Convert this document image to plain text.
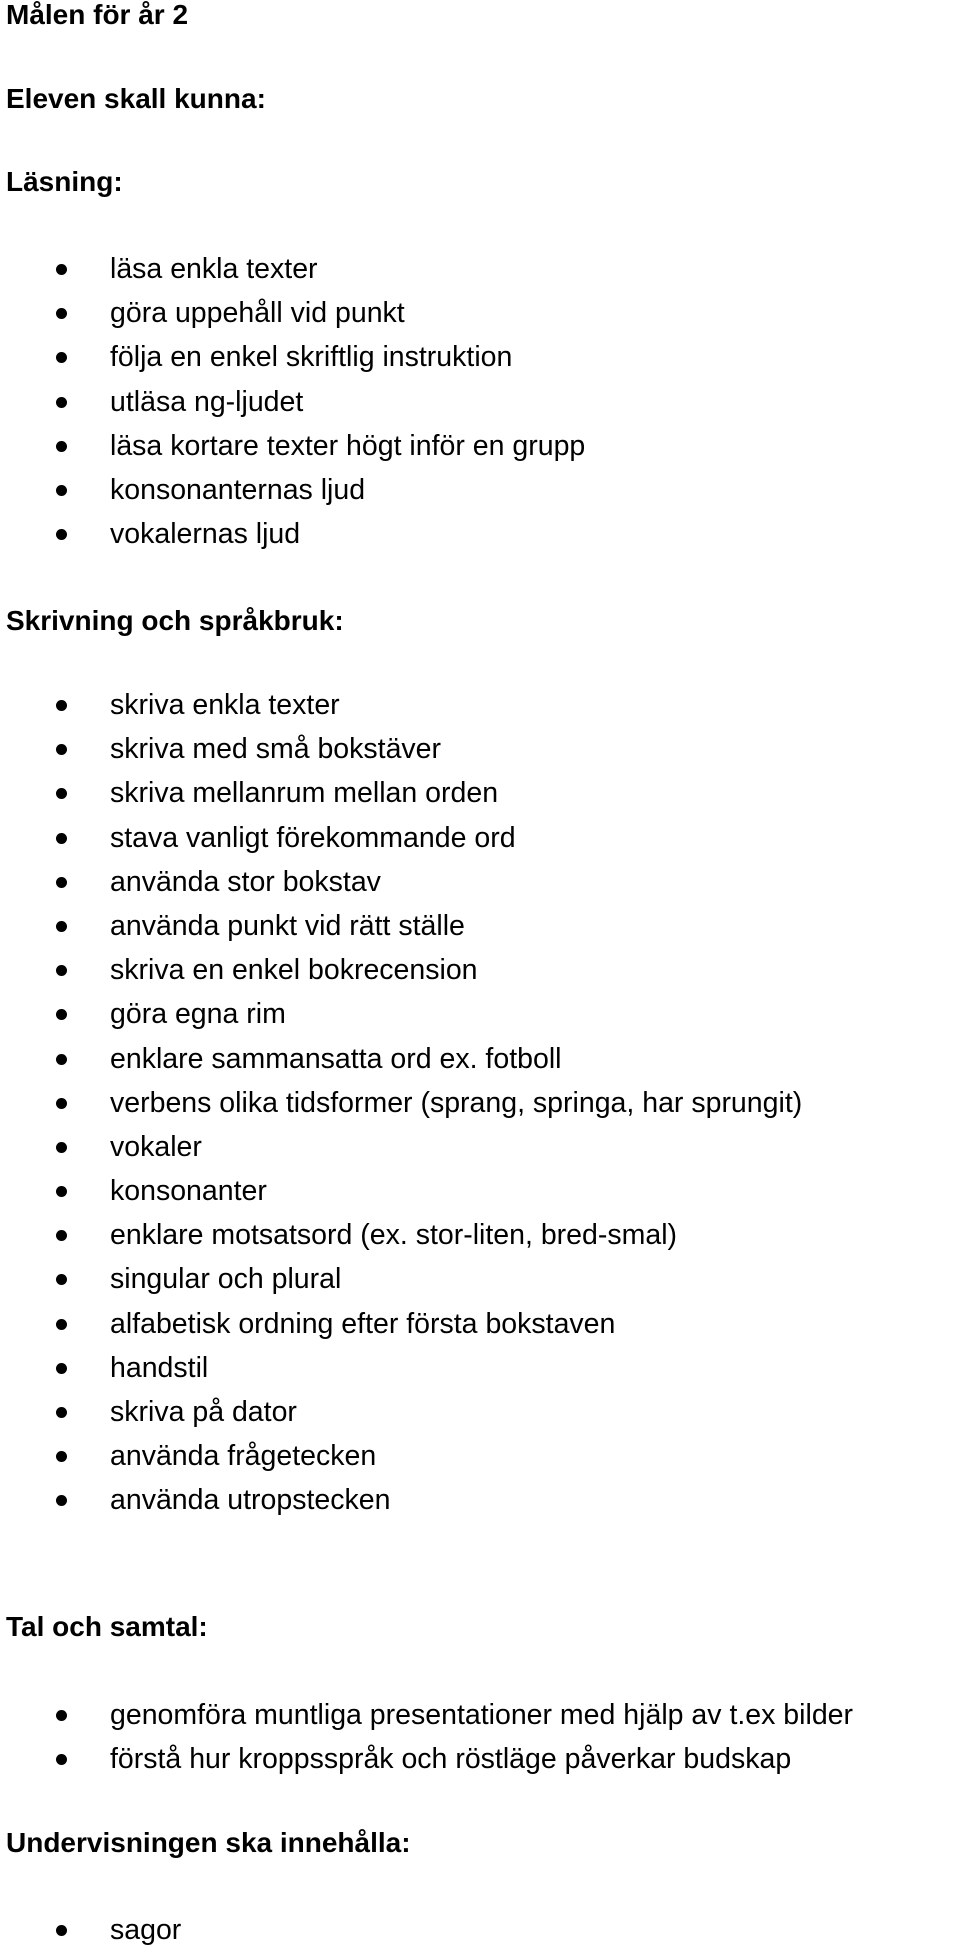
Målen för år 2
Eleven skall kunna:
Läsning:
läsa enkla texter
göra uppehåll vid punkt
följa en enkel skriftlig instruktion
utläsa ng-ljudet
läsa kortare texter högt inför en grupp
konsonanternas ljud
vokalernas ljud
Skrivning och språkbruk:
skriva enkla texter
skriva med små bokstäver
skriva mellanrum mellan orden
stava vanligt förekommande ord
använda stor bokstav
använda punkt vid rätt ställe
skriva en enkel bokrecension
göra egna rim
enklare sammansatta ord ex. fotboll
verbens olika tidsformer (sprang, springa, har sprungit)
vokaler
konsonanter
enklare motsatsord (ex. stor-liten, bred-smal)
singular och plural
alfabetisk ordning efter första bokstaven
handstil
skriva på dator
använda frågetecken
använda utropstecken
Tal och samtal:
genomföra muntliga presentationer med hjälp av t.ex bilder
förstå hur kroppsspråk och röstläge påverkar budskap
Undervisningen ska innehålla:
sagor
